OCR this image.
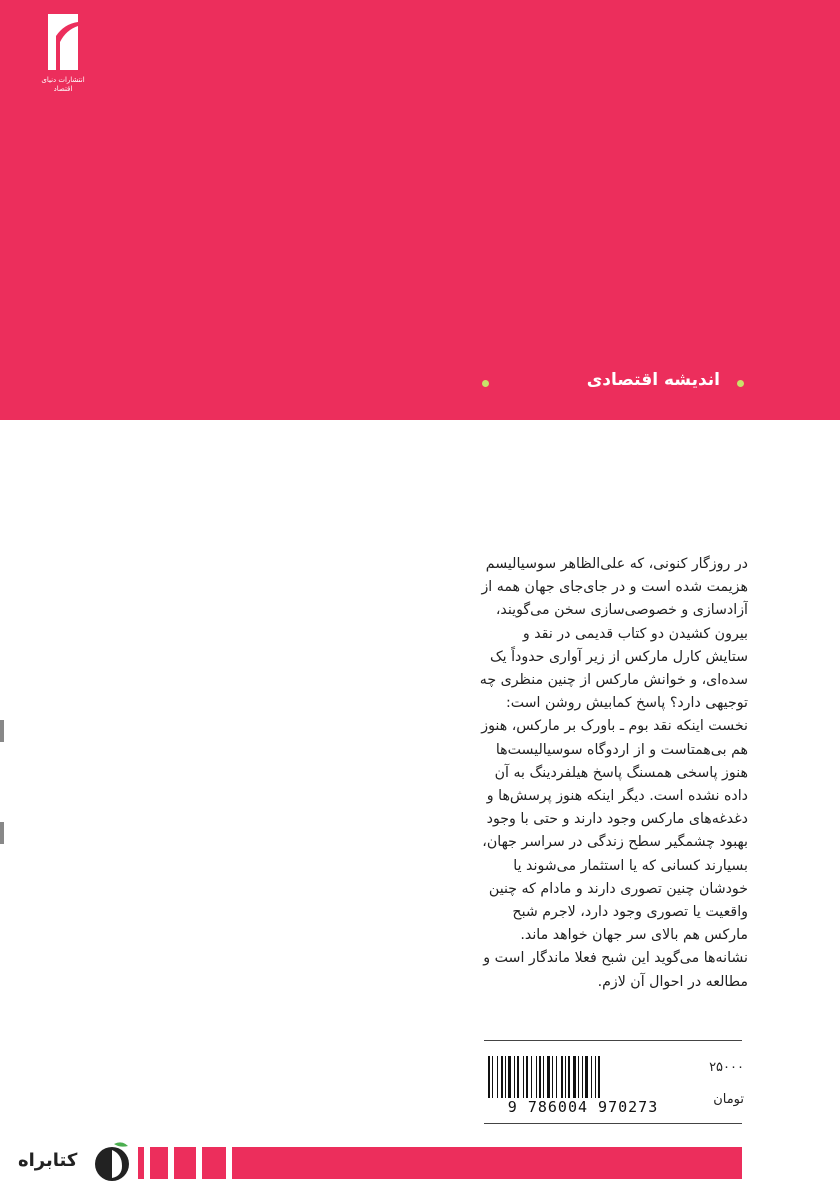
انتشارات دنیای اقتصاد
اندیشه اقتصادی

در روزگار کنونی، که علی‌الظاهر سوسیالیسم

هزیمت شده است و در جای‌جای جهان همه از

آزادسازی و خصوصی‌سازی سخن می‌گویند،

بیرون کشیدن دو کتاب قدیمی در نقد و

ستایش کارل مارکس از زیر آواری حدوداً یک

سده‌ای، و خوانش مارکس از چنین منظری چه

توجیهی دارد؟ پاسخ کمابیش روشن است:

نخست اینکه نقد بوم ـ باورک بر مارکس، هنوز

هم بی‌همتاست و از اردوگاه سوسیالیست‌ها

هنوز پاسخی همسنگ پاسخ هیلفردینگ به آن

داده نشده است. دیگر اینکه هنوز پرسش‌ها و

دغدغه‌های مارکس وجود دارند و حتی با وجود

بهبود چشمگیر سطح زندگی در سراسر جهان،

بسیارند کسانی که یا استثمار می‌شوند یا

خودشان چنین تصوری دارند و مادام که چنین

واقعیت یا تصوری وجود دارد، لاجرم شبح

مارکس هم بالای سر جهان خواهد ماند.

نشانه‌ها می‌گوید این شبح فعلا ماندگار است و

مطالعه در احوال آن لازم.

9 786004 970273
۲۵۰۰۰
تومان
کتابراه
